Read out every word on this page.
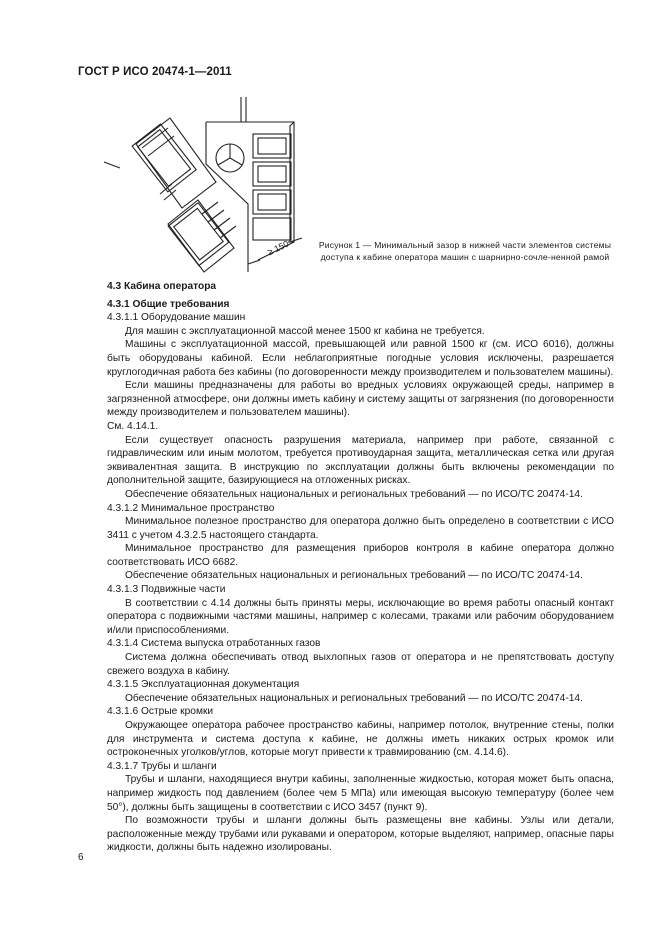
ГОСТ Р ИСО 20474-1—2011
≥ 150	Рисунок 1 — Минимальный зазор в нижней части элементов системы доступа к кабине оператора машин с шарнирно-сочле-ненной рамой

4.3 Кабина оператора

4.3.1 Общие требования

4.3.1.1 Оборудование машин

Для машин с эксплуатационной массой менее 1500 кг кабина не требуется.

Машины с эксплуатационной массой, превышающей или равной 1500 кг (см. ИСО 6016), должны быть оборудованы кабиной. Если неблагоприятные погодные условия исключены, разрешается круглогодичная работа без кабины (по договоренности между производителем и пользователем машины).

Если машины предназначены для работы во вредных условиях окружающей среды, например в загрязненной атмосфере, они должны иметь кабину и систему защиты от загрязнения (по договоренности между производителем и пользователем машины).

См. 4.14.1.

Если существует опасность разрушения материала, например при работе, связанной с гидравлическим или иным молотом, требуется противоударная защита, металлическая сетка или другая эквивалентная защита. В инструкцию по эксплуатации должны быть включены рекомендации по дополнительной защите, базирующиеся на отложенных рисках.

Обеспечение обязательных национальных и региональных требований — по ИСО/ТС 20474-14.

4.3.1.2 Минимальное пространство

Минимальное полезное пространство для оператора должно быть определено в соответствии с ИСО 3411 с учетом 4.3.2.5 настоящего стандарта.

Минимальное пространство для размещения приборов контроля в кабине оператора должно соответствовать ИСО 6682.

Обеспечение обязательных национальных и региональных требований — по ИСО/ТС 20474-14.

4.3.1.3 Подвижные части

В соответствии с 4.14 должны быть приняты меры, исключающие во время работы опасный контакт оператора с подвижными частями машины, например с колесами, траками или рабочим оборудованием и/или приспособлениями.

4.3.1.4 Система выпуска отработанных газов

Система должна обеспечивать отвод выхлопных газов от оператора и не препятствовать доступу свежего воздуха в кабину.

4.3.1.5 Эксплуатационная документация

Обеспечение обязательных национальных и региональных требований — по ИСО/ТС 20474-14.

4.3.1.6 Острые кромки

Окружающее оператора рабочее пространство кабины, например потолок, внутренние стены, полки для инструмента и система доступа к кабине, не должны иметь никаких острых кромок или остроконечных уголков/углов, которые могут привести к травмированию (см. 4.14.6).

4.3.1.7 Трубы и шланги

Трубы и шланги, находящиеся внутри кабины, заполненные жидкостью, которая может быть опасна, например жидкость под давлением (более чем 5 МПа) или имеющая высокую температуру (более чем 50°), должны быть защищены в соответствии с ИСО 3457 (пункт 9).

По возможности трубы и шланги должны быть размещены вне кабины. Узлы или детали, расположенные между трубами или рукавами и оператором, которые выделяют, например, опасные пары жидкости, должны быть надежно изолированы.

6
